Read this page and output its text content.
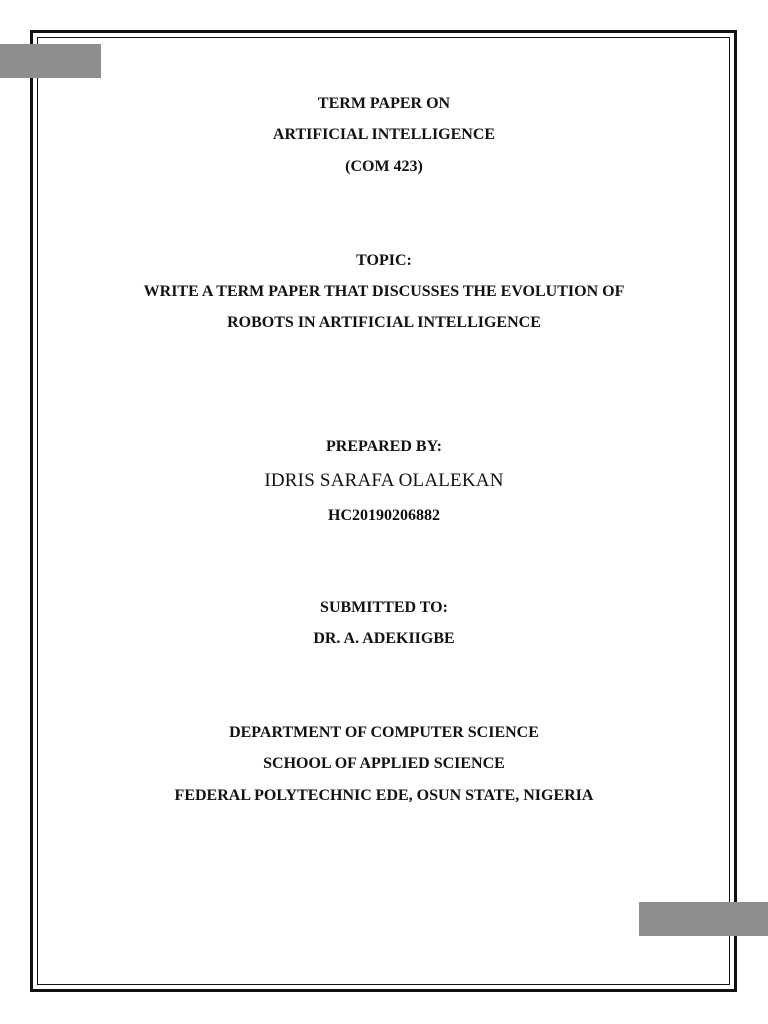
TERM PAPER ON
ARTIFICIAL INTELLIGENCE
(COM 423)
TOPIC:
WRITE A TERM PAPER THAT DISCUSSES THE EVOLUTION OF
ROBOTS IN ARTIFICIAL INTELLIGENCE
PREPARED BY:
IDRIS SARAFA OLALEKAN
HC20190206882
SUBMITTED TO:
DR. A. ADEKIIGBE
DEPARTMENT OF COMPUTER SCIENCE
SCHOOL OF APPLIED SCIENCE
FEDERAL POLYTECHNIC EDE, OSUN STATE, NIGERIA
